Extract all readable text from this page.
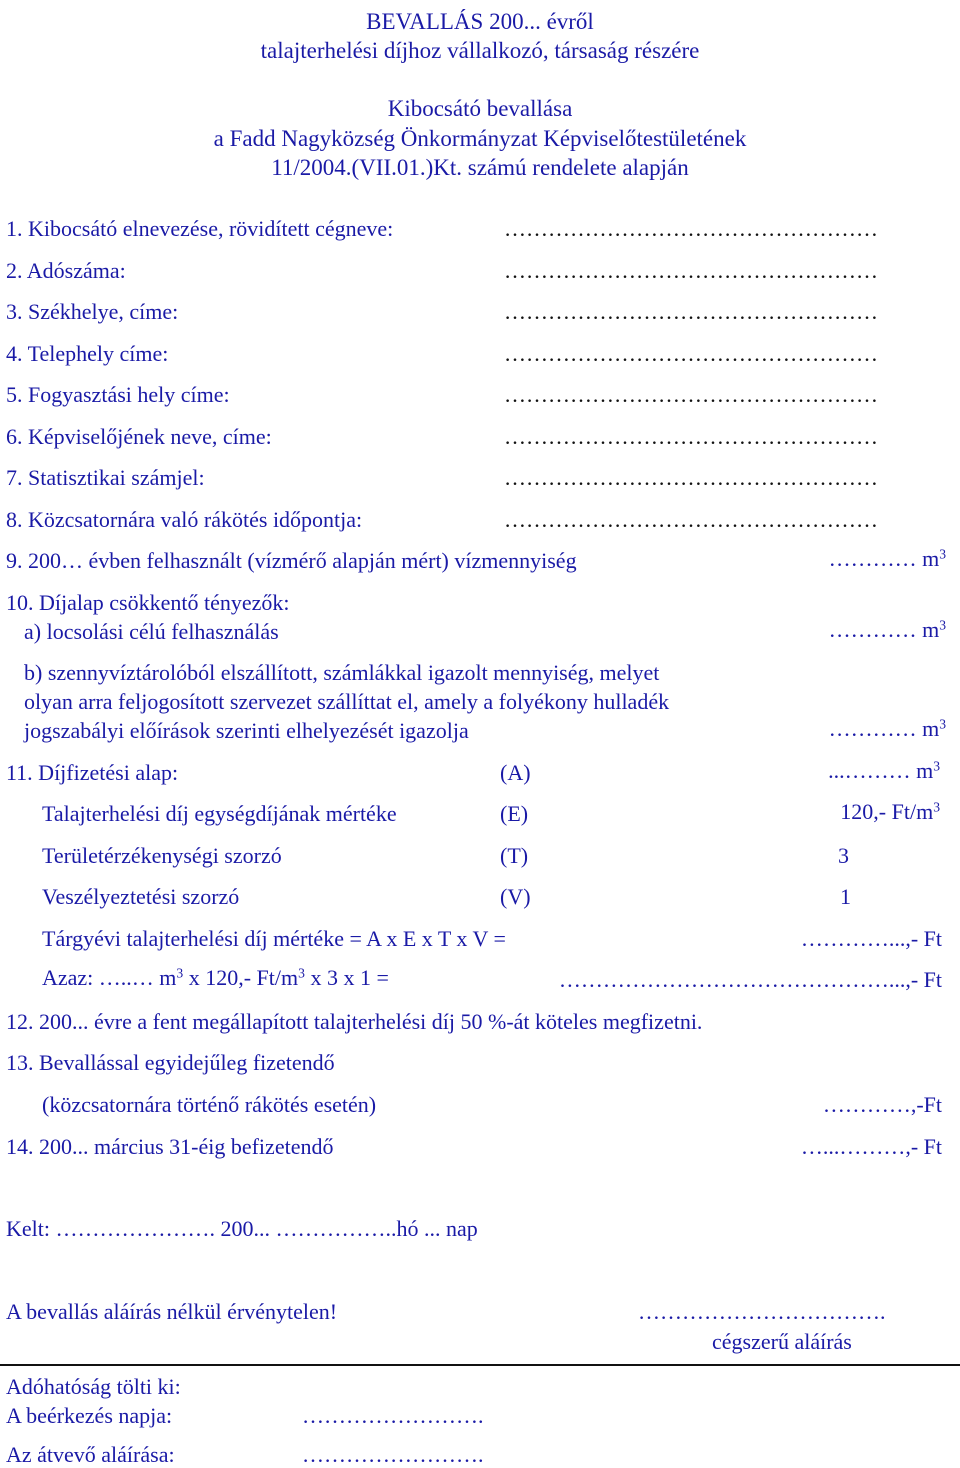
BEVALLÁS 200... évről
talajterhelési díjhoz vállalkozó, társaság részére
Kibocsátó bevallása
a Fadd Nagyközség Önkormányzat Képviselőtestületének
11/2004.(VII.01.)Kt. számú rendelete alapján
1. Kibocsátó elnevezése, rövidített cégneve:	……………………………………………
2. Adószáma:	……………………………………………
3. Székhelye, címe:	……………………………………………
4. Telephely címe:	……………………………………………
5. Fogyasztási hely címe:	……………………………………………
6. Képviselőjének neve, címe:	……………………………………………
7. Statisztikai számjel:	……………………………………………
8. Közcsatornára való rákötés időpontja:	……………………………………………
9. 200… évben felhasznált (vízmérő alapján mért) vízmennyiség	………… $m^3$
10. Díjalap csökkentő tényezők:
a) locsolási célú felhasználás	………… $m^3$
b) szennyvíztárolóból elszállított, számlákkal igazolt mennyiség, melyet
olyan arra feljogosított szervezet szállíttat el, amely a folyékony hulladék
jogszabályi előírások szerinti elhelyezését igazolja	………… $m^3$
11. Díjfizetési alap:	(A)	...……… $m^3$
Talajterhelési díj egységdíjának mértéke	(E)	120,- $Ft/m^3$
Területérzékenységi szorzó	(T)	3
Veszélyeztetési szorzó	(V)	1
Tárgyévi talajterhelési díj mértéke = A x E x T x V =	…………...,- Ft
Azaz: …..… $m^3$ x 120,- $Ft/m^3$ x 3 x 1 =	………………………………………...,- Ft
12. 200... évre a fent megállapított talajterhelési díj 50 %-át köteles megfizetni.
13. Bevallással egyidejűleg fizetendő
(közcsatornára történő rákötés esetén)	…………,-Ft
14. 200... március 31-éig befizetendő	…...………,- Ft
Kelt: …………………. 200... ……………..hó ... nap
A bevallás aláírás nélkül érvénytelen!	…………………………….
cégszerű aláírás
Adóhatóság tölti ki:
A beérkezés napja:	…………………….
Az átvevő aláírása:	…………………….
